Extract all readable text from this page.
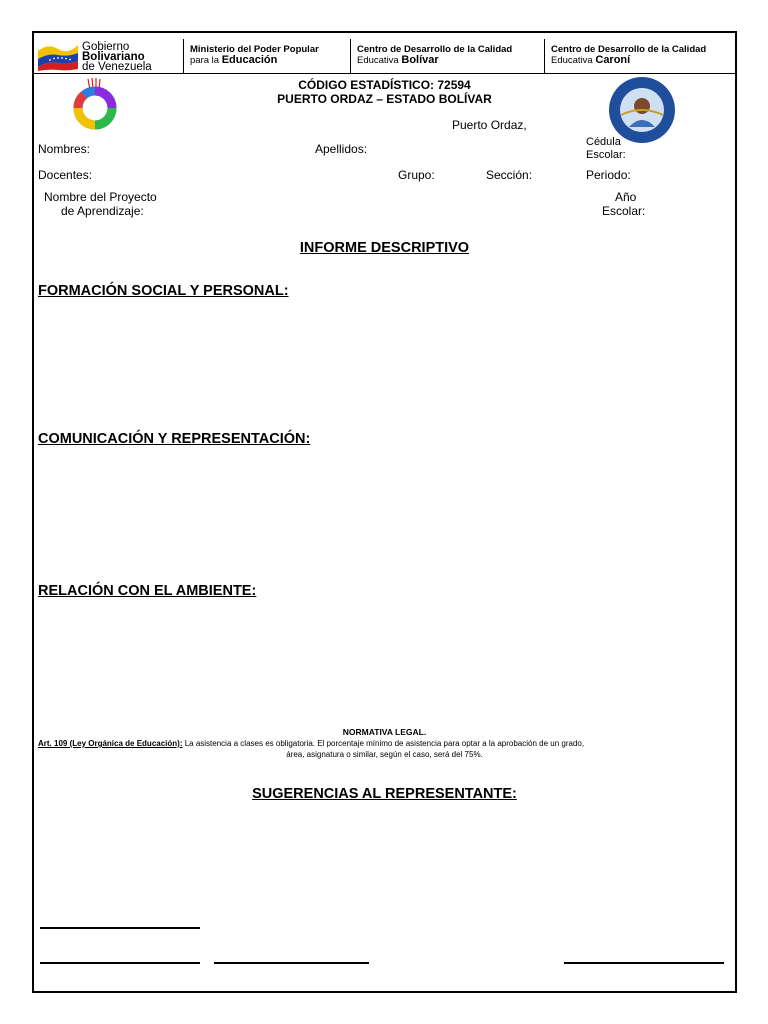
Gobierno
Bolivariano
de Venezuela
Ministerio del Poder Popular
para la Educación
Centro de Desarrollo de la Calidad
Educativa Bolívar
Centro de Desarrollo de la Calidad
Educativa Caroní
CÓDIGO ESTADÍSTICO: 72594
PUERTO ORDAZ – ESTADO BOLÍVAR
Puerto Ordaz,
Nombres:	Apellidos:	Cédula
Escolar:
Docentes:	Grupo:	Sección:	Periodo:
Nombre del Proyecto
de Aprendizaje:
Año
Escolar:
INFORME DESCRIPTIVO
FORMACIÓN SOCIAL Y PERSONAL:
COMUNICACIÓN Y REPRESENTACIÓN:
RELACIÓN CON EL AMBIENTE:
NORMATIVA LEGAL.
Art. 109 (Ley Orgánica de Educación): La asistencia a clases es obligatoria. El porcentaje mínimo de asistencia para optar a la aprobación de un grado,
área, asignatura o similar, según el caso, será del 75%.
SUGERENCIAS AL REPRESENTANTE:
